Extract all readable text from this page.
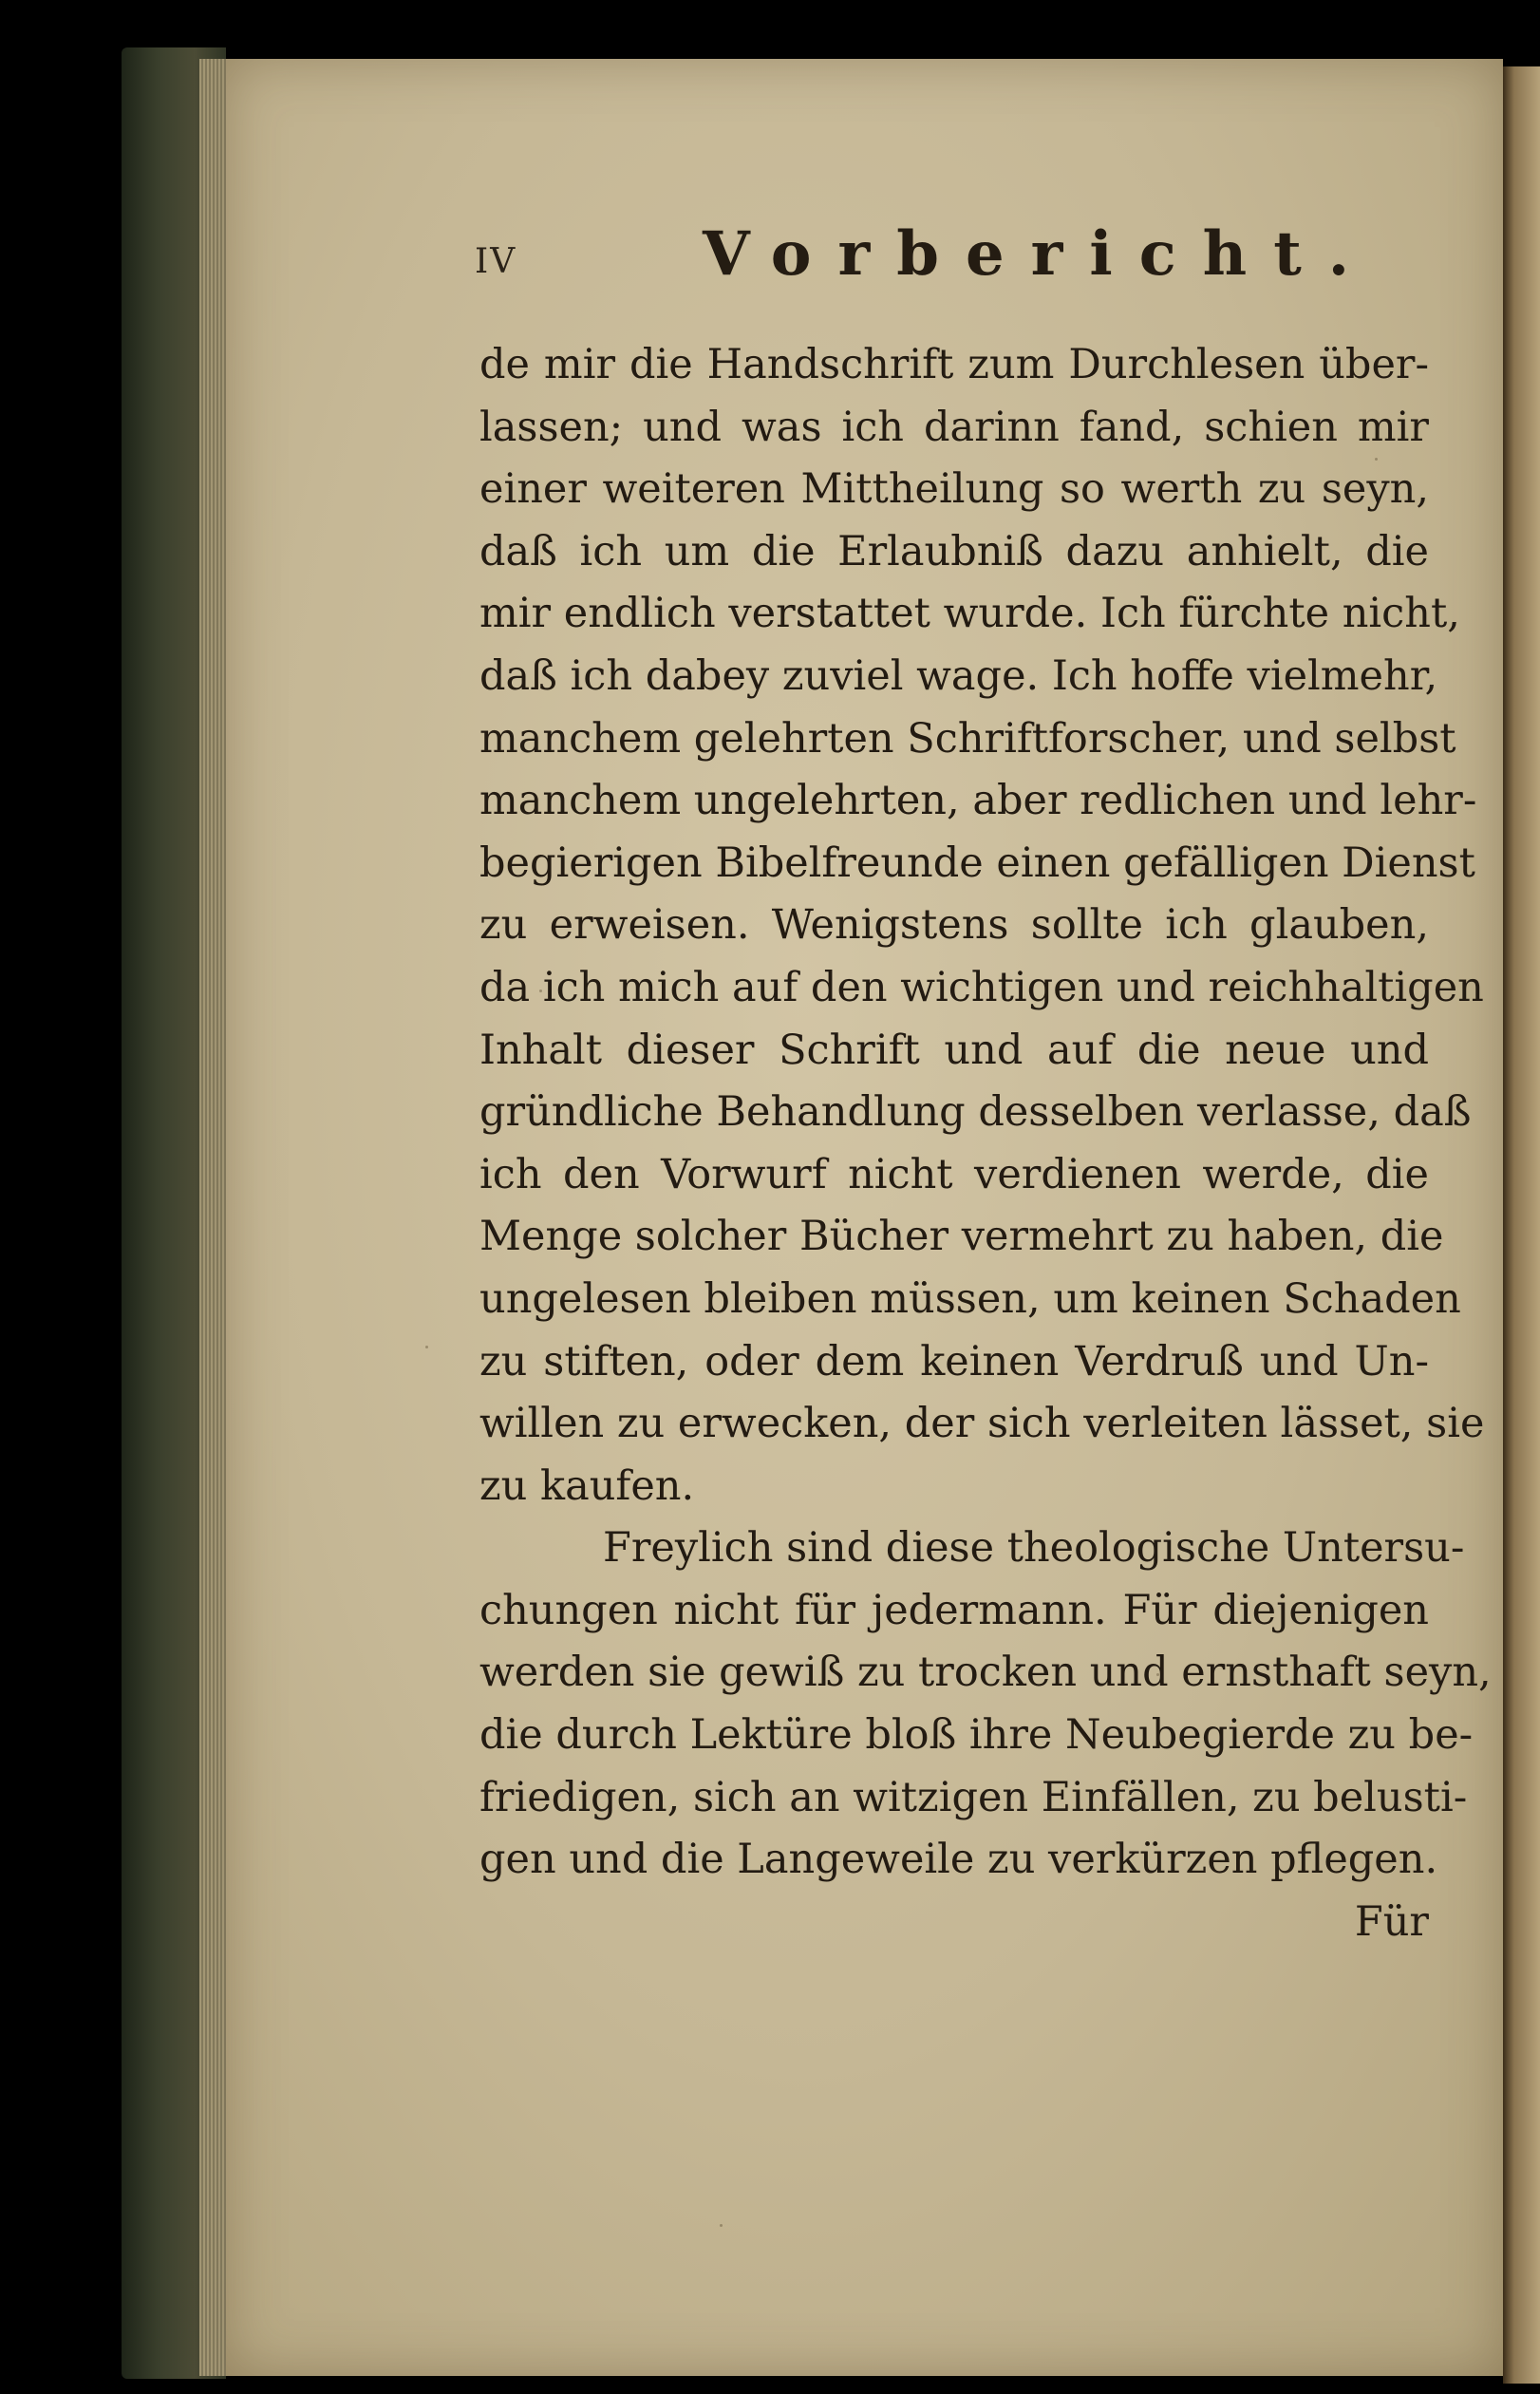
IV	Vorbericht.
de mir die Handschrift zum Durchlesen über-
lassen; und was ich darinn fand, schien mir
einer weiteren Mittheilung so werth zu seyn,
daß ich um die Erlaubniß dazu anhielt, die
mir endlich verstattet wurde. Ich fürchte nicht,
daß ich dabey zuviel wage. Ich hoffe vielmehr,
manchem gelehrten Schriftforscher, und selbst
manchem ungelehrten, aber redlichen und lehr-
begierigen Bibelfreunde einen gefälligen Dienst
zu erweisen. Wenigstens sollte ich glauben,
da ich mich auf den wichtigen und reichhaltigen
Inhalt dieser Schrift und auf die neue und
gründliche Behandlung desselben verlasse, daß
ich den Vorwurf nicht verdienen werde, die
Menge solcher Bücher vermehrt zu haben, die
ungelesen bleiben müssen, um keinen Schaden
zu stiften, oder dem keinen Verdruß und Un-
willen zu erwecken, der sich verleiten lässet, sie
zu kaufen.
Freylich sind diese theologische Untersu-
chungen nicht für jedermann. Für diejenigen
werden sie gewiß zu trocken und ernsthaft seyn,
die durch Lektüre bloß ihre Neubegierde zu be-
friedigen, sich an witzigen Einfällen, zu belusti-
gen und die Langeweile zu verkürzen pflegen.
Für
